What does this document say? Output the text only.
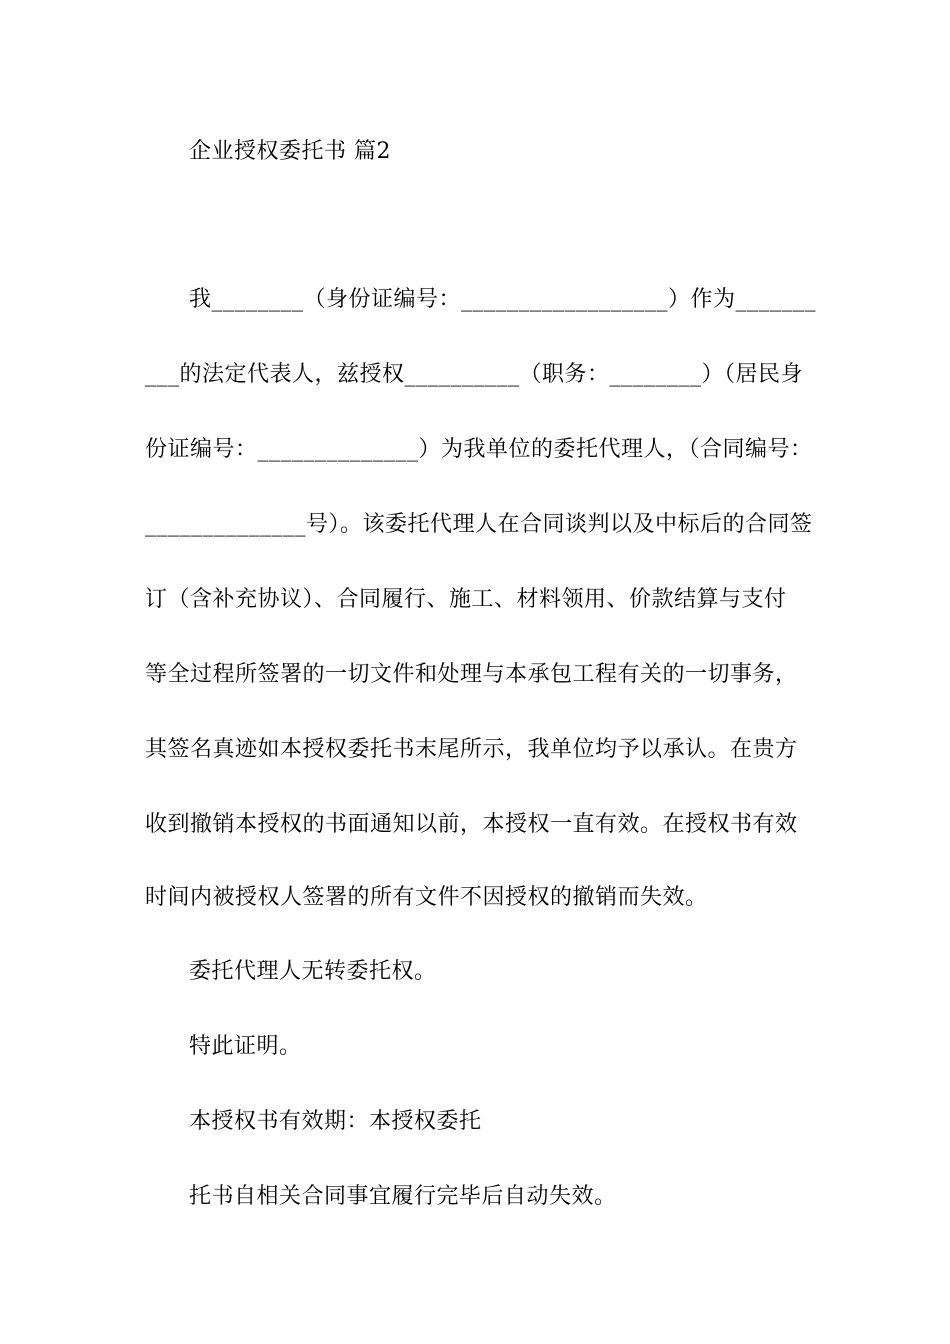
企业授权委托书 篇2

我________（身份证编号：__________________）作为_______

___的法定代表人，兹授权__________（职务：________）（居民身

份证编号：______________）为我单位的委托代理人，（合同编号：

______________号）。该委托代理人在合同谈判以及中标后的合同签

订（含补充协议）、合同履行、施工、材料领用、价款结算与支付

等全过程所签署的一切文件和处理与本承包工程有关的一切事务，

其签名真迹如本授权委托书末尾所示，我单位均予以承认。在贵方

收到撤销本授权的书面通知以前，本授权一直有效。在授权书有效

时间内被授权人签署的所有文件不因授权的撤销而失效。

委托代理人无转委托权。

特此证明。

本授权书有效期：本授权委托

托书自相关合同事宜履行完毕后自动失效。
